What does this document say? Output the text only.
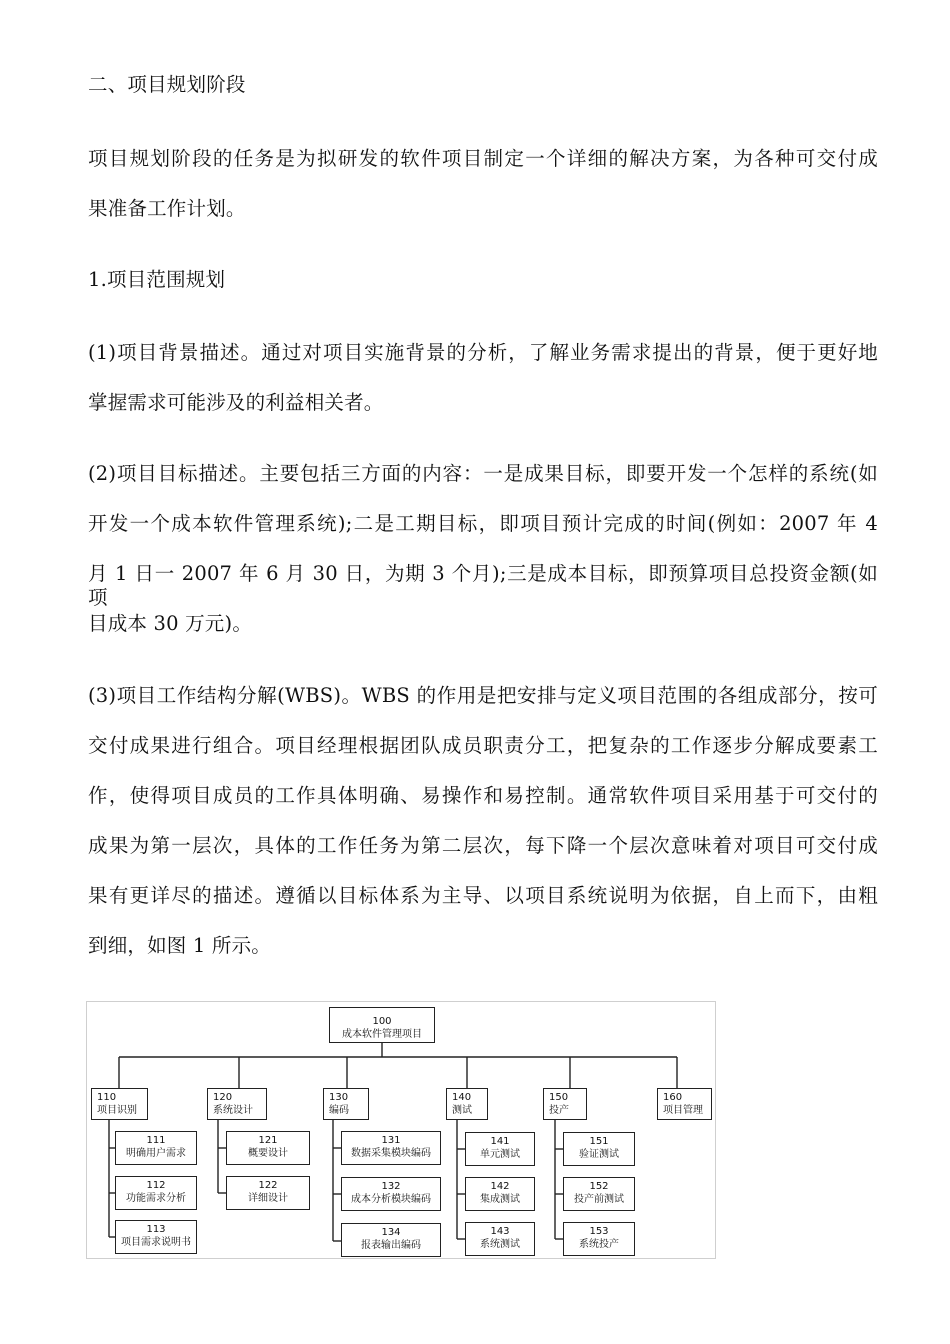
二、项目规划阶段
项目规划阶段的任务是为拟研发的软件项目制定一个详细的解决方案，为各种可交付成
果准备工作计划。
1.项目范围规划
(1)项目背景描述。通过对项目实施背景的分析，了解业务需求提出的背景，便于更好地
掌握需求可能涉及的利益相关者。
(2)项目目标描述。主要包括三方面的内容：一是成果目标，即要开发一个怎样的系统(如
开发一个成本软件管理系统);二是工期目标，即项目预计完成的时间(例如：2007 年 4
月 1 日一 2007 年 6 月 30 日，为期 3 个月);三是成本目标，即预算项目总投资金额(如项
目成本 30 万元)。
(3)项目工作结构分解(WBS)。WBS 的作用是把安排与定义项目范围的各组成部分，按可
交付成果进行组合。项目经理根据团队成员职责分工，把复杂的工作逐步分解成要素工
作，使得项目成员的工作具体明确、易操作和易控制。通常软件项目采用基于可交付的
成果为第一层次，具体的工作任务为第二层次，每下降一个层次意味着对项目可交付成
果有更详尽的描述。遵循以目标体系为主导、以项目系统说明为依据，自上而下，由粗
到细，如图 1 所示。
100
成本软件管理项目
110
项目识别
120
系统设计
130
编码
140
测试
150
投产
160
项目管理
111
明确用户需求
112
功能需求分析
113
项目需求说明书
121
概要设计
122
详细设计
131
数据采集模块编码
132
成本分析模块编码
134
报表输出编码
141
单元测试
142
集成测试
143
系统测试
151
验证测试
152
投产前测试
153
系统投产
